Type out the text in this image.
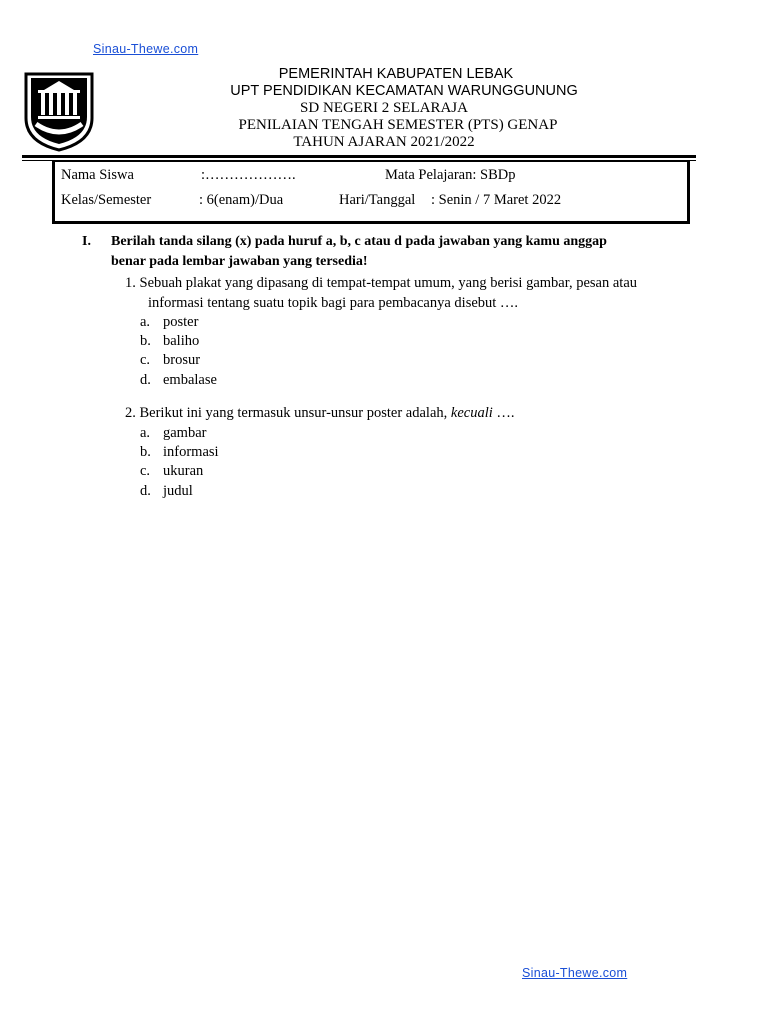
Sinau-Thewe.com
PEMERINTAH KABUPATEN LEBAK
UPT PENDIDIKAN KECAMATAN WARUNGGUNUNG
SD NEGERI 2 SELARAJA
PENILAIAN TENGAH SEMESTER (PTS) GENAP
TAHUN AJARAN 2021/2022
Nama Siswa	:……………….	Mata Pelajaran: SBDp
Kelas/Semester	: 6(enam)/Dua	Hari/Tanggal : Senin / 7 Maret 2022
I. Berilah tanda silang (x) pada huruf a, b, c atau d pada jawaban yang kamu anggap
benar pada lembar jawaban yang tersedia!
1. Sebuah plakat yang dipasang di tempat-tempat umum, yang berisi gambar, pesan atau
informasi tentang suatu topik bagi para pembacanya disebut ….
a. poster
b. baliho
c. brosur
d. embalase
2. Berikut ini yang termasuk unsur-unsur poster adalah, kecuali ….
a. gambar
b. informasi
c. ukuran
d. judul
Sinau-Thewe.com
